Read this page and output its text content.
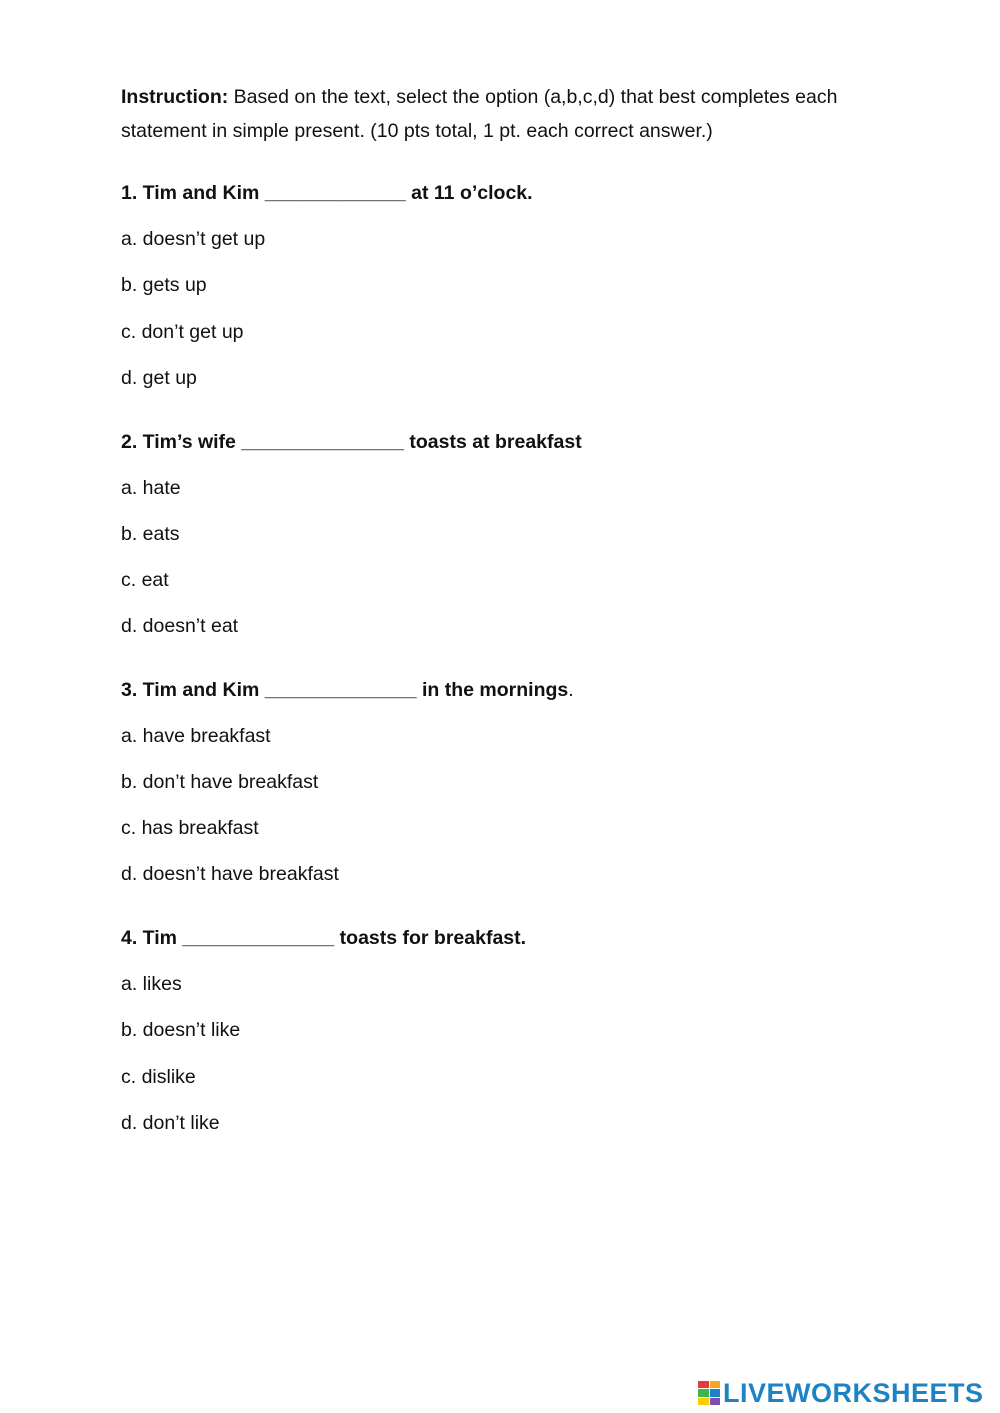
Instruction: Based on the text, select the option (a,b,c,d) that best completes each statement in simple present. (10 pts total, 1 pt. each correct answer.)

1. Tim and Kim _____________ at 11 o’clock.

a. doesn’t get up
b. gets up
c. don’t get up
d. get up

2. Tim’s wife _______________ toasts at breakfast

a. hate
b. eats
c. eat
d. doesn’t eat

3. Tim and Kim ______________ in the mornings.

a. have breakfast
b. don’t have breakfast
c. has breakfast
d. doesn’t have breakfast

4. Tim ______________ toasts for breakfast.

a. likes
b. doesn’t like
c. dislike
d. don’t like
LIVEWORKSHEETS
